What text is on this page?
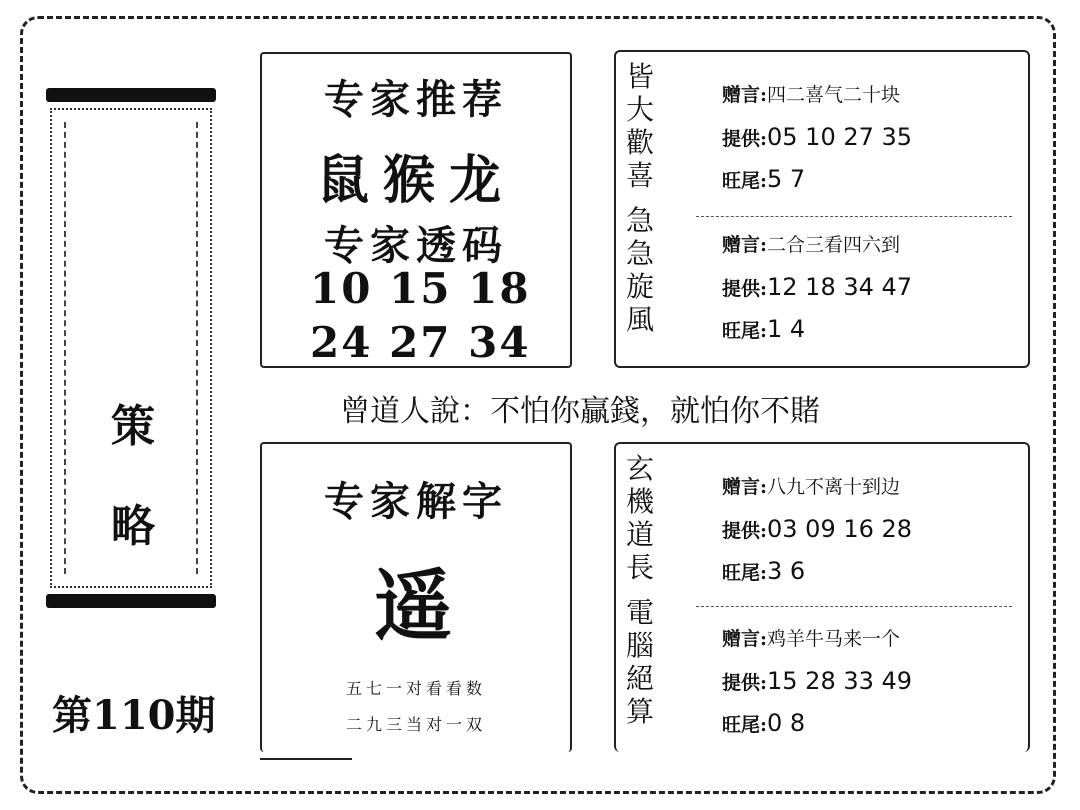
策
略
第110期
专家推荐
鼠猴龙
专家透码
10 15 18
24 27 34
曾道人說：不怕你贏錢，就怕你不賭
专家解字
遥
五七一对看看数
二九三当对一双
皆
大
歡
喜
急
急
旋
風
赠言:四二喜气二十块
提供:05 10 27 35
旺尾:5 7
赠言:二合三看四六到
提供:12 18 34 47
旺尾:1 4
玄
機
道
長
電
腦
絕
算
赠言:八九不离十到边
提供:03 09 16 28
旺尾:3 6
赠言:鸡羊牛马来一个
提供:15 28 33 49
旺尾:0 8
